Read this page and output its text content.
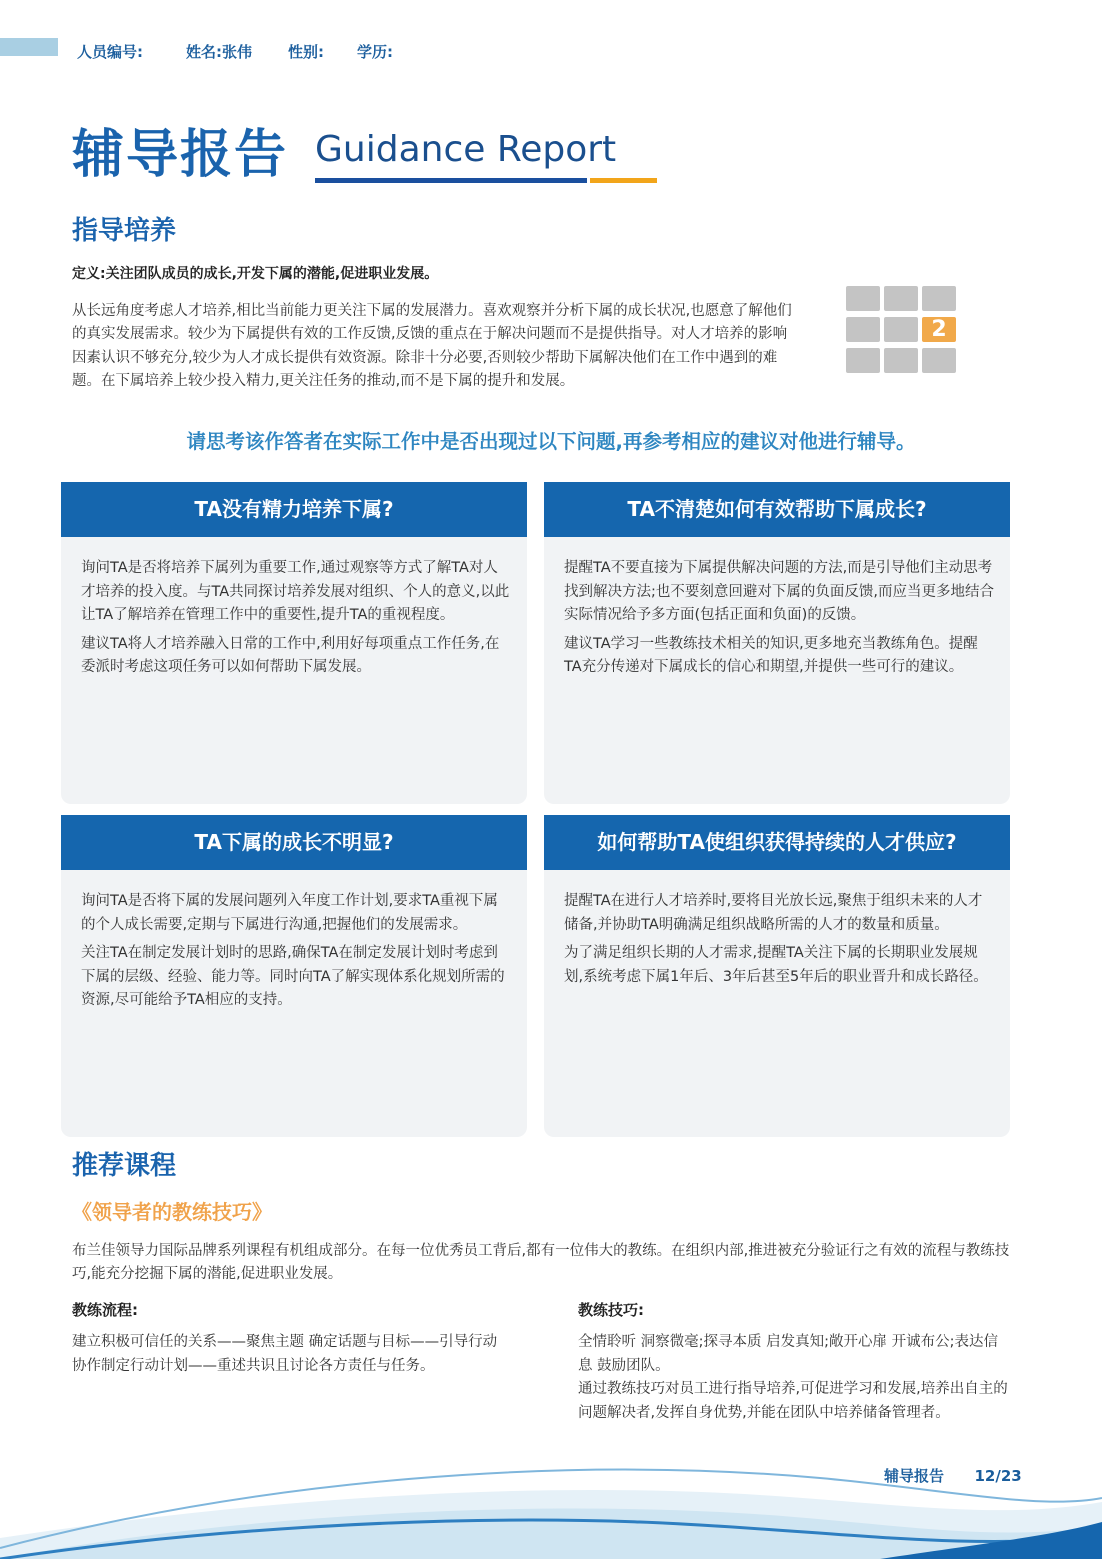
人员编号:	姓名:张伟 性别: 学历:
辅导报告 Guidance Report
指导培养
定义:关注团队成员的成长,开发下属的潜能,促进职业发展。
从长远角度考虑人才培养,相比当前能力更关注下属的发展潜力。喜欢观察并分析下属的成长状况,也愿意了解他们的真实发展需求。较少为下属提供有效的工作反馈,反馈的重点在于解决问题而不是提供指导。对人才培养的影响因素认识不够充分,较少为人才成长提供有效资源。除非十分必要,否则较少帮助下属解决他们在工作中遇到的难题。在下属培养上较少投入精力,更关注任务的推动,而不是下属的提升和发展。
2
请思考该作答者在实际工作中是否出现过以下问题,再参考相应的建议对他进行辅导。
TA没有精力培养下属?

询问TA是否将培养下属列为重要工作,通过观察等方式了解TA对人才培养的投入度。与TA共同探讨培养发展对组织、个人的意义,以此让TA了解培养在管理工作中的重要性,提升TA的重视程度。

建议TA将人才培养融入日常的工作中,利用好每项重点工作任务,在委派时考虑这项任务可以如何帮助下属发展。

TA不清楚如何有效帮助下属成长?

提醒TA不要直接为下属提供解决问题的方法,而是引导他们主动思考找到解决方法;也不要刻意回避对下属的负面反馈,而应当更多地结合实际情况给予多方面(包括正面和负面)的反馈。

建议TA学习一些教练技术相关的知识,更多地充当教练角色。提醒TA充分传递对下属成长的信心和期望,并提供一些可行的建议。

TA下属的成长不明显?

询问TA是否将下属的发展问题列入年度工作计划,要求TA重视下属的个人成长需要,定期与下属进行沟通,把握他们的发展需求。

关注TA在制定发展计划时的思路,确保TA在制定发展计划时考虑到下属的层级、经验、能力等。同时向TA了解实现体系化规划所需的资源,尽可能给予TA相应的支持。

如何帮助TA使组织获得持续的人才供应?

提醒TA在进行人才培养时,要将目光放长远,聚焦于组织未来的人才储备,并协助TA明确满足组织战略所需的人才的数量和质量。

为了满足组织长期的人才需求,提醒TA关注下属的长期职业发展规划,系统考虑下属1年后、3年后甚至5年后的职业晋升和成长路径。

推荐课程
《领导者的教练技巧》
布兰佳领导力国际品牌系列课程有机组成部分。在每一位优秀员工背后,都有一位伟大的教练。在组织内部,推进被充分验证行之有效的流程与教练技巧,能充分挖掘下属的潜能,促进职业发展。
教练流程:
建立积极可信任的关系——聚焦主题 确定话题与目标——引导行动 协作制定行动计划——重述共识且讨论各方责任与任务。
教练技巧:
全情聆听 洞察微毫;探寻本质 启发真知;敞开心扉 开诚布公;表达信息 鼓励团队。
通过教练技巧对员工进行指导培养,可促进学习和发展,培养出自主的问题解决者,发挥自身优势,并能在团队中培养储备管理者。
辅导报告 12/23
